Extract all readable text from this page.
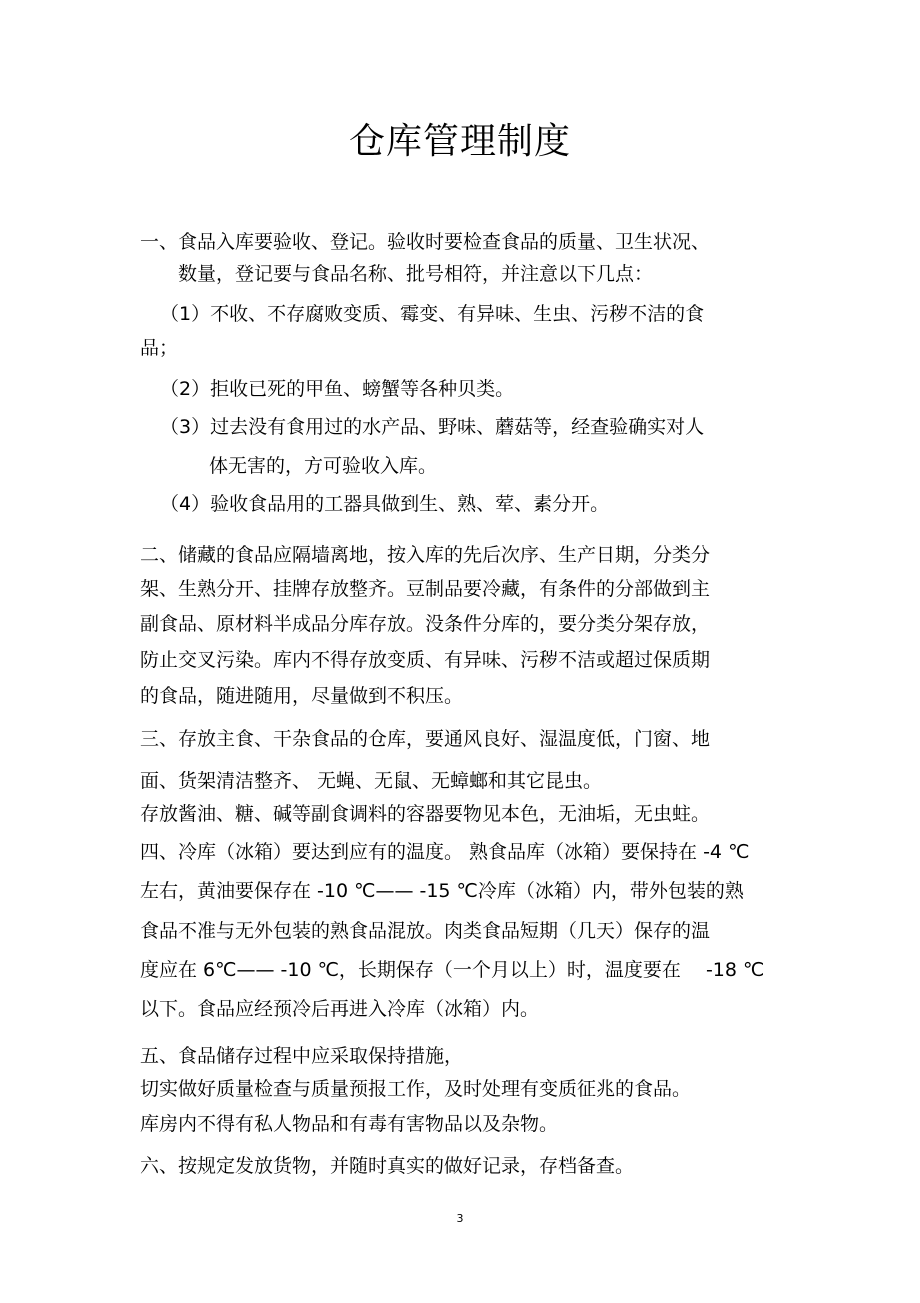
仓库管理制度
一、食品入库要验收、登记。验收时要检查食品的质量、卫生状况、
数量，登记要与食品名称、批号相符，并注意以下几点：
（1）不收、不存腐败变质、霉变、有异味、生虫、污秽不洁的食
品；
（2）拒收已死的甲鱼、螃蟹等各种贝类。
（3）过去没有食用过的水产品、野味、蘑菇等，经查验确实对人
体无害的，方可验收入库。
（4）验收食品用的工器具做到生、熟、荤、素分开。
二、储藏的食品应隔墙离地，按入库的先后次序、生产日期，分类分
架、生熟分开、挂牌存放整齐。豆制品要冷藏，有条件的分部做到主
副食品、原材料半成品分库存放。没条件分库的，要分类分架存放，
防止交叉污染。库内不得存放变质、有异味、污秽不洁或超过保质期
的食品，随进随用，尽量做到不积压。
三、存放主食、干杂食品的仓库，要通风良好、湿温度低，门窗、地
面、货架清洁整齐、 无蝇、无鼠、无蟑螂和其它昆虫。
存放酱油、糖、碱等副食调料的容器要物见本色，无油垢，无虫蛀。
四、冷库（冰箱）要达到应有的温度。 熟食品库（冰箱）要保持在 -4 ℃
左右，黄油要保存在 -10 ℃—— -15 ℃冷库（冰箱）内，带外包装的熟
食品不准与无外包装的熟食品混放。肉类食品短期（几天）保存的温
度应在 6℃—— -10 ℃，长期保存（一个月以上）时，温度要在　 -18 ℃
以下。食品应经预冷后再进入冷库（冰箱）内。
五、食品储存过程中应采取保持措施，
切实做好质量检查与质量预报工作，及时处理有变质征兆的食品。
库房内不得有私人物品和有毒有害物品以及杂物。
六、按规定发放货物，并随时真实的做好记录，存档备查。
3
